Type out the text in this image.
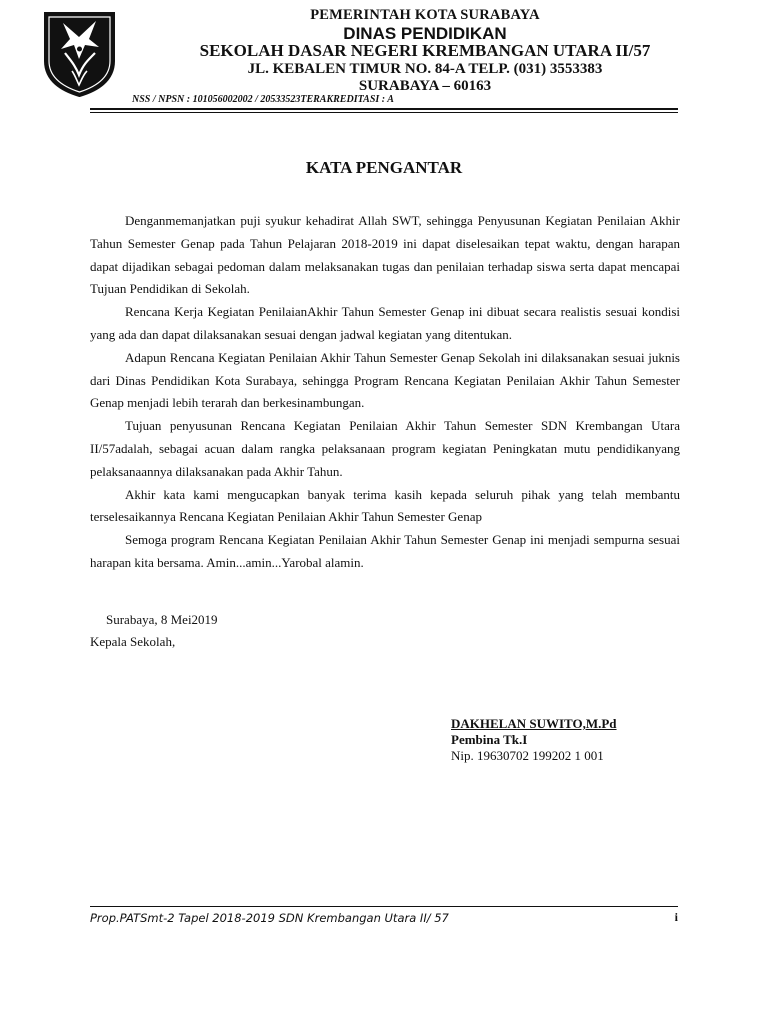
PEMERINTAH KOTA SURABAYA
DINAS PENDIDIKAN
SEKOLAH DASAR NEGERI KREMBANGAN UTARA II/57
JL. KEBALEN TIMUR NO. 84-A TELP. (031) 3553383
SURABAYA – 60163
NSS / NPSN : 101056002002 / 20533523TERAKREDITASI : A
KATA PENGANTAR

Denganmemanjatkan puji syukur kehadirat Allah SWT, sehingga Penyusunan Kegiatan Penilaian Akhir Tahun Semester Genap pada Tahun Pelajaran 2018-2019 ini dapat diselesaikan tepat waktu, dengan harapan dapat dijadikan sebagai pedoman dalam melaksanakan tugas dan penilaian terhadap siswa serta dapat mencapai Tujuan Pendidikan di Sekolah.

Rencana Kerja Kegiatan PenilaianAkhir Tahun Semester Genap ini dibuat secara realistis sesuai kondisi yang ada dan dapat dilaksanakan sesuai dengan jadwal kegiatan yang ditentukan.

Adapun Rencana Kegiatan Penilaian Akhir Tahun Semester Genap Sekolah ini dilaksanakan sesuai juknis dari Dinas Pendidikan Kota Surabaya, sehingga Program Rencana Kegiatan Penilaian Akhir Tahun Semester Genap menjadi lebih terarah dan berkesinambungan.

Tujuan penyusunan Rencana Kegiatan Penilaian Akhir Tahun Semester SDN Krembangan Utara II/57adalah, sebagai acuan dalam rangka pelaksanaan program kegiatan Peningkatan mutu pendidikanyang pelaksanaannya dilaksanakan pada Akhir Tahun.

Akhir kata kami mengucapkan banyak terima kasih kepada seluruh pihak yang telah membantu terselesaikannya Rencana Kegiatan Penilaian Akhir Tahun Semester Genap

Semoga program Rencana Kegiatan Penilaian Akhir Tahun Semester Genap ini menjadi sempurna sesuai harapan kita bersama. Amin...amin...Yarobal alamin.

Surabaya, 8 Mei2019
Kepala Sekolah,
DAKHELAN SUWITO,M.Pd
Pembina Tk.I
Nip. 19630702 199202 1 001
Prop.PATSmt-2 Tapel 2018-2019 SDN Krembangan Utara II/ 57	i
